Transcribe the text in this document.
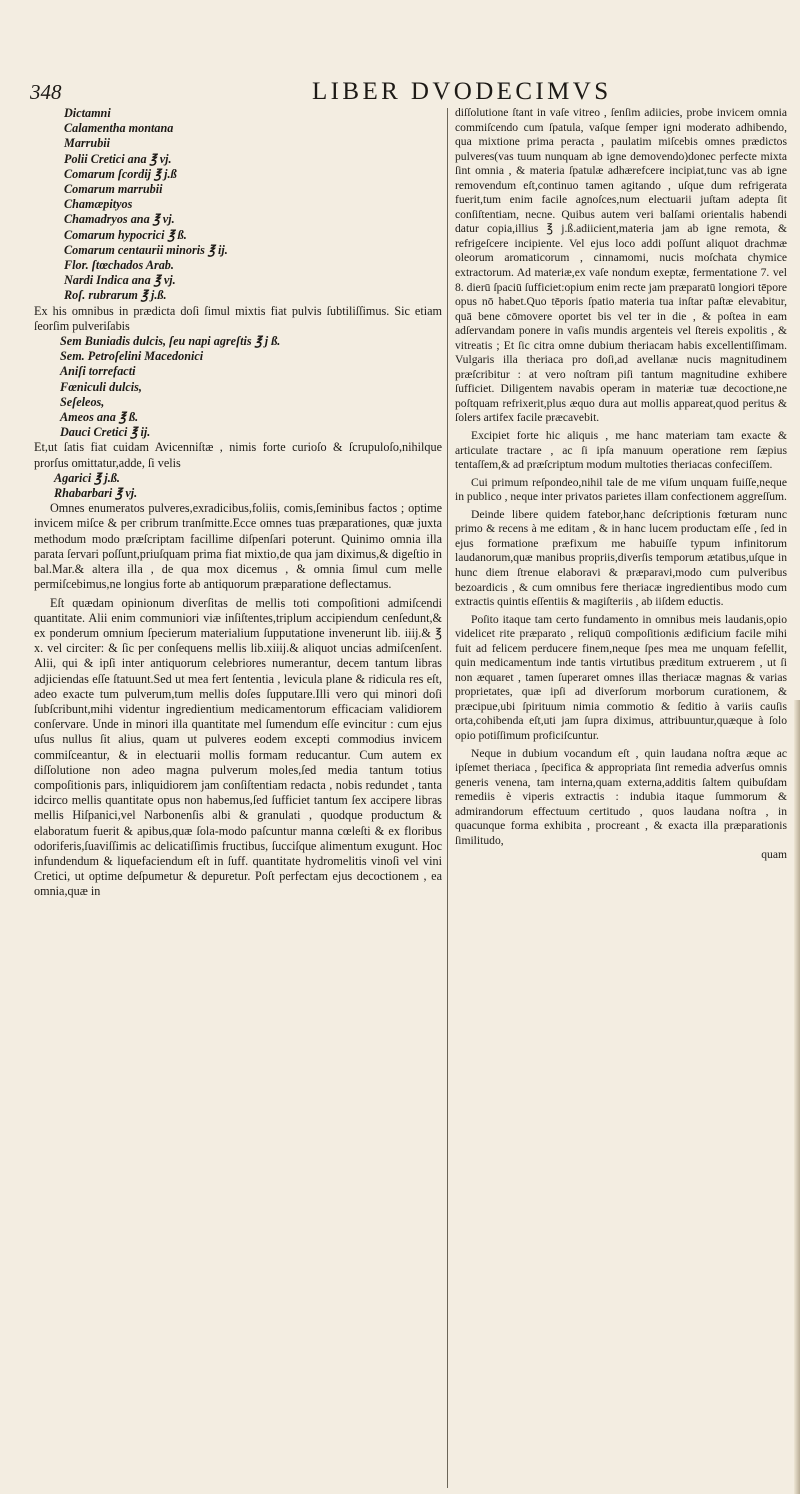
348	LIBER DVODECIMVS
Dictamni
Calamentha montana
Marrubii
Polii Cretici ana ℥ vj.
Comarum ſcordij ℥ j.ß
Comarum marrubii
Chamæpityos
Chamadryos ana ℥ vj.
Comarum hypocrici ℥ ß.
Comarum centaurii minoris ℥ ij.
Flor. ſtœchados Arab.
Nardi Indica ana ℥ vj.
Roſ. rubrarum ℥ j.ß.

Ex his omnibus in prædicta doſi ſimul mixtis fiat pulvis ſubtiliſſimus. Sic etiam ſeorſim pulveriſabis

Sem Buniadis dulcis, ſeu napi agreſtis ℥ j ß.
Sem. Petroſelini Macedonici
Aniſi torrefacti
Fœniculi dulcis,
Seſeleos,
Ameos ana ℥ ß.
Dauci Cretici ℥ ij.

Et,ut ſatis fiat cuidam Avicenniſtæ , nimis forte curioſo & ſcrupuloſo,nihilque prorſus omittatur,adde, ſi velis

Agarici ℥ j.ß.
Rhabarbari ℥ vj.

Omnes enumeratos pulveres,exradicibus,foliis, comis,ſeminibus factos ; optime invicem miſce & per cribrum tranſmitte.Ecce omnes tuas præparationes, quæ juxta methodum modo præſcriptam facillime diſpenſari poterunt. Quinimo omnia illa parata ſervari poſſunt,priuſquam prima fiat mixtio,de qua jam diximus,& digeſtio in bal.Mar.& altera illa , de qua mox dicemus , & omnia ſimul cum melle permiſcebimus,ne longius forte ab antiquorum præparatione deflectamus.

Eſt quædam opinionum diverſitas de mellis toti compoſitioni admiſcendi quantitate. Alii enim communiori viæ inſiſtentes,triplum accipiendum cenſedunt,& ex ponderum omnium ſpecierum materialium ſupputatione invenerunt lib. iiij.& ℥ x. vel circiter: & ſic per conſequens mellis lib.xiiij.& aliquot uncias admiſcenſent. Alii, qui & ipſi inter antiquorum celebriores numerantur, decem tantum libras adjiciendas eſſe ſtatuunt.Sed ut mea fert ſententia , levicula plane & ridicula res eſt, adeo exacte tum pulverum,tum mellis doſes ſupputare.Illi vero qui minori doſi ſubſcribunt,mihi videntur ingredientium medicamentorum efficaciam validiorem conſervare. Unde in minori illa quantitate mel ſumendum eſſe evincitur : cum ejus uſus nullus ſit alius, quam ut pulveres eodem excepti commodius invicem commiſceantur, & in electuarii mollis formam reducantur. Cum autem ex diſſolutione non adeo magna pulverum moles,ſed media tantum totius compoſitionis pars, inliquidiorem jam conſiſtentiam redacta , nobis redundet , tanta idcirco mellis quantitate opus non habemus,ſed ſufficiet tantum ſex accipere libras mellis Hiſpanici,vel Narbonenſis albi & granulati , quodque productum & elaboratum fuerit & apibus,quæ ſola-modo paſcuntur manna cœleſti & ex floribus odoriferis,ſuaviſſimis ac delicatiſſimis fructibus, ſucciſque alimentum exugunt. Hoc infundendum & liquefaciendum eſt in ſuff. quantitate hydromelitis vinoſi vel vini Cretici, ut optime deſpumetur & depuretur. Poſt perfectam ejus decoctionem , ea omnia,quæ in

diſſolutione ſtant in vaſe vitreo , ſenſim adiicies, probe invicem omnia commiſcendo cum ſpatula, vaſque ſemper igni moderato adhibendo, qua mixtione prima peracta , paulatim miſcebis omnes prædictos pulveres(vas tuum nunquam ab igne demovendo)donec perfecte mixta ſint omnia , & materia ſpatulæ adhærefcere incipiat,tunc vas ab igne removendum eſt,continuo tamen agitando , uſque dum refrigerata fuerit,tum enim facile agnoſces,num electuarii juſtam adepta ſit conſiſtentiam, necne. Quibus autem veri balſami orientalis habendi datur copia,illius ℥ j.ß.adiicient,materia jam ab igne remota, & refrigeſcere incipiente. Vel ejus loco addi poſſunt aliquot drachmæ oleorum aromaticorum , cinnamomi, nucis moſchata chymice extractorum. Ad materiæ,ex vaſe nondum exeptæ, fermentatione 7. vel 8. dierū ſpaciū ſufficiet:opium enim recte jam præparatū longiori tēpore opus nō habet.Quo tēporis ſpatio materia tua inſtar paſtæ elevabitur, quā bene cōmovere oportet bis vel ter in die , & poſtea in eam adſervandam ponere in vaſis mundis argenteis vel ſtereis expolitis , & vitreatis ; Et ſic citra omne dubium theriacam habis excellentiſſimam. Vulgaris illa theriaca pro doſi,ad avellanæ nucis magnitudinem præſcribitur : at vero noſtram piſi tantum magnitudine exhibere ſufficiet. Diligentem navabis operam in materiæ tuæ decoctione,ne poſtquam refrixerit,plus æquo dura aut mollis appareat,quod peritus & ſolers artifex facile præcavebit.

Excipiet forte hic aliquis , me hanc materiam tam exacte & articulate tractare , ac ſi ipſa manuum operatione rem ſæpius tentaſſem,& ad præſcriptum modum multoties theriacas confeciſſem.

Cui primum reſpondeo,nihil tale de me viſum unquam fuiſſe,neque in publico , neque inter privatos parietes illam confectionem aggreſſum.

Deinde libere quidem fatebor,hanc deſcriptionis fœturam nunc primo & recens à me editam , & in hanc lucem productam eſſe , ſed in ejus formatione præfixum me habuiſſe typum infinitorum laudanorum,quæ manibus propriis,diverſis temporum ætatibus,uſque in hunc diem ſtrenue elaboravi & præparavi,modo cum pulveribus bezoardicis , & cum omnibus fere theriacæ ingredientibus modo cum extractis quintis eſſentiis & magiſteriis , ab iiſdem eductis.

Poſito itaque tam certo fundamento in omnibus meis laudanis,opio videlicet rite præparato , reliquū compoſitionis ædificium facile mihi fuit ad felicem perducere finem,neque ſpes mea me unquam feſellit, quin medicamentum inde tantis virtutibus præditum extruerem , ut ſi non æquaret , tamen ſuperaret omnes illas theriacæ magnas & varias proprietates, quæ ipſi ad diverſorum morborum curationem, & præcipue,ubi ſpirituum nimia commotio & ſeditio à variis cauſis orta,cohibenda eſt,uti jam ſupra diximus, attribuuntur,quæque à ſolo opio potiſſimum proficiſcuntur.

Neque in dubium vocandum eſt , quin laudana noſtra æque ac ipſemet theriaca , ſpecifica & appropriata ſint remedia adverſus omnis generis venena, tam interna,quam externa,additis ſaltem quibuſdam remediis è viperis extractis : indubia itaque ſummorum & admirandorum effectuum certitudo , quos laudana noſtra , in quacunque forma exhibita , procreant , & exacta illa præparationis ſimilitudo,

quam
